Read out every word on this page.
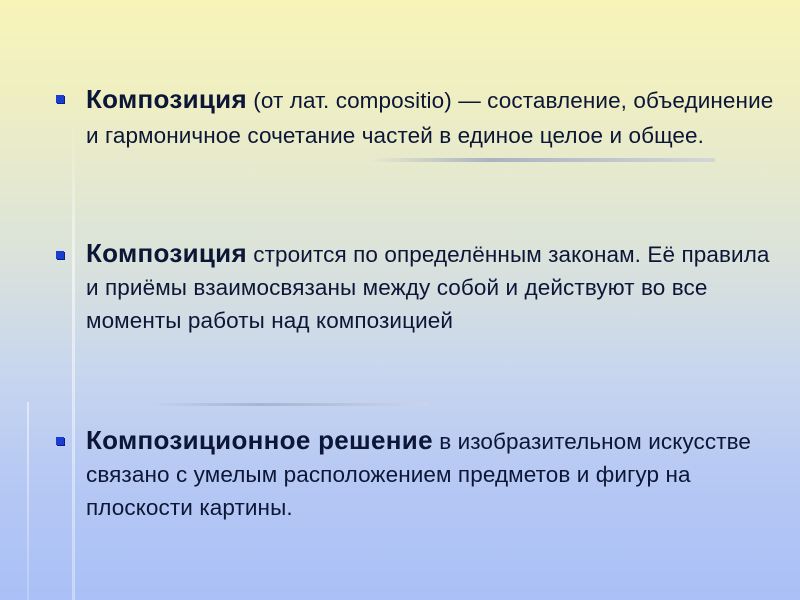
Композиция (от лат. compositio) — составление, объединение и гармоничное сочетание частей в единое целое и общее.

Композиция строится по определённым законам. Её правила и приёмы взаимосвязаны между собой и действуют во все моменты работы над композицией

Композиционное решение в изобразительном искусстве связано с умелым расположением предметов и фигур на плоскости картины.
